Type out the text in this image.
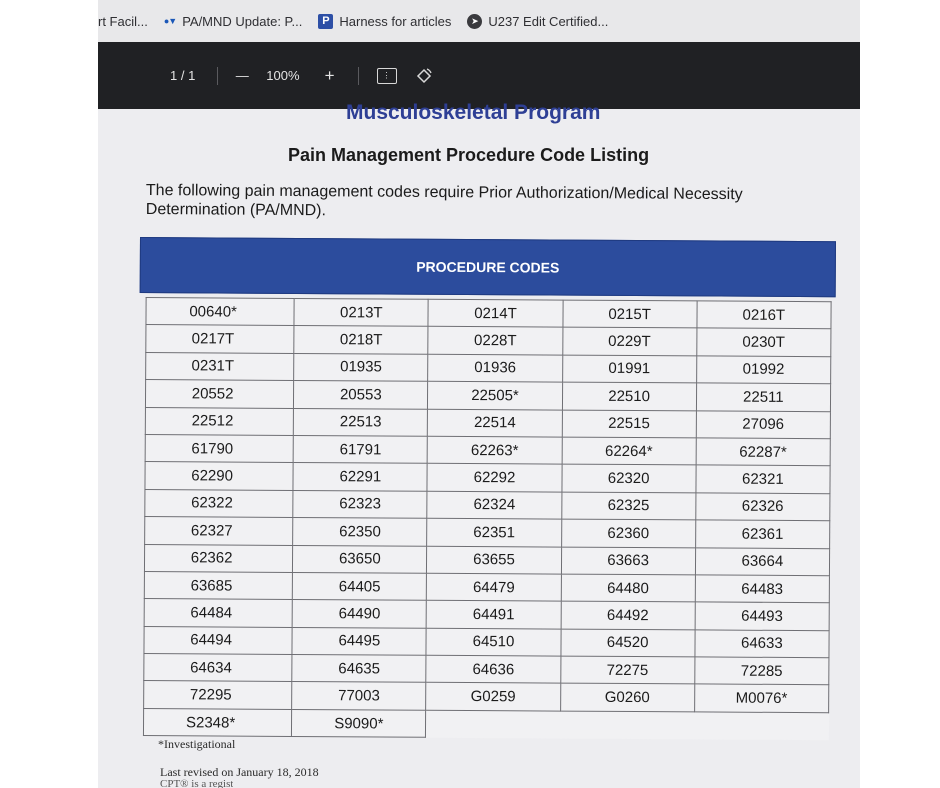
rt Facil... ●▼ PA/MND Update: P...	P Harness for articles	➤ U237 Edit Certified...
1 / 1	— 100% +	⋮
Musculoskeletal Program
Pain Management Procedure Code Listing
The following pain management codes require Prior Authorization/Medical Necessity Determination (PA/MND).
PROCEDURE CODES
00640*	0213T	0214T	0215T	0216T
0217T	0218T	0228T	0229T	0230T
0231T	01935	01936	01991	01992
20552	20553	22505*	22510	22511
22512	22513	22514	22515	27096
61790	61791	62263*	62264*	62287*
62290	62291	62292	62320	62321
62322	62323	62324	62325	62326
62327	62350	62351	62360	62361
62362	63650	63655	63663	63664
63685	64405	64479	64480	64483
64484	64490	64491	64492	64493
64494	64495	64510	64520	64633
64634	64635	64636	72275	72285
72295	77003	G0259	G0260	M0076*
S2348*	S9090*			
*Investigational
Last revised on January 18, 2018
CPT® is a regist
